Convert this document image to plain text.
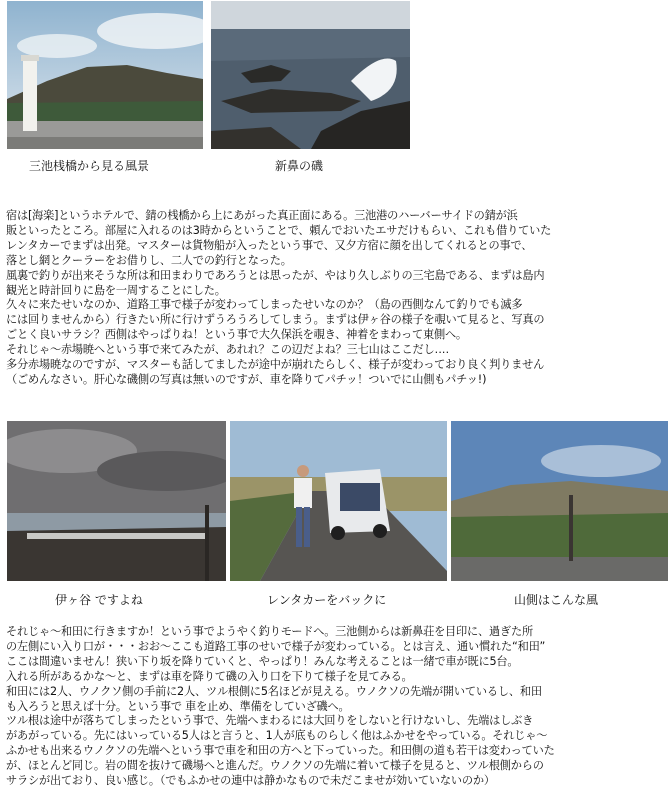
三池桟橋から見る風景	新鼻の磯

宿は[海楽]というホテルで、錆の桟橋から上にあがった真正面にある。三池港のハーバーサイドの錆が浜

販といったところ。部屋に入れるのは3時からということで、頼んでおいたエサだけもらい、これも借りていた

レンタカーでまずは出発。マスターは貨物船が入ったという事で、又夕方宿に顔を出してくれるとの事で、

落とし網とクーラーをお借りし、二人での釣行となった。

風裏で釣りが出来そうな所は和田まわりであろうとは思ったが、やはり久しぶりの三宅島である、まずは島内

観光と時計回りに島を一周することにした。

久々に来たせいなのか、道路工事で様子が変わってしまったせいなのか？（島の西側なんて釣りでも滅多

には回りませんから）行きたい所に行けずうろうろしてしまう。まずは伊ヶ谷の様子を覗いて見ると、写真の

ごとく良いサラシ？西側はやっぱりね！という事で大久保浜を覗き、神着をまわって東側へ。

それじゃ～赤場暁へという事で来てみたが、あれれ？この辺だよね？三七山はここだし‥‥

多分赤場暁なのですが、マスターも話してましたが途中が崩れたらしく、様子が変わっており良く判りません

（ごめんなさい。肝心な磯側の写真は無いのですが、車を降りてパチッ！ついでに山側もパチッ!)

伊ヶ谷 ですよね	レンタカーをバックに	山側はこんな風

それじゃ～和田に行きますか！という事でようやく釣りモードへ。三池側からは新鼻荘を目印に、過ぎた所

の左側にい入り口が・・・おお～ここも道路工事のせいで様子が変わっている。とは言え、通い慣れた“和田”

ここは間違いません！狭い下り坂を降りていくと、やっぱり！みんな考えることは一緒で車が既に5台。

入れる所があるかな～と、まずは車を降りて磯の入り口を下りて様子を見てみる。

和田には2人、ウノクソ側の手前に2人、ツル根側に5名ほどが見える。ウノクソの先端が開いているし、和田

も入ろうと思えば十分。という事で 車を止め、準備をしていざ磯へ。

ツル根は途中が落ちてしまったという事で、先端へまわるには大回りをしないと行けないし、先端はしぶき

があがっている。先にはいっている5人はと言うと、1人が底ものらしく他はふかせをやっている。それじゃ～

ふかせも出来るウノクソの先端へという事で車を和田の方へと下っていった。和田側の道も若干は変わっていた

が、ほとんど同じ。岩の間を抜けて磯場へと進んだ。ウノクソの先端に着いて様子を見ると、ツル根側からの

サラシが出ており、良い感じ。（でもふかせの連中は静かなもので未だこませが効いていないのか）
